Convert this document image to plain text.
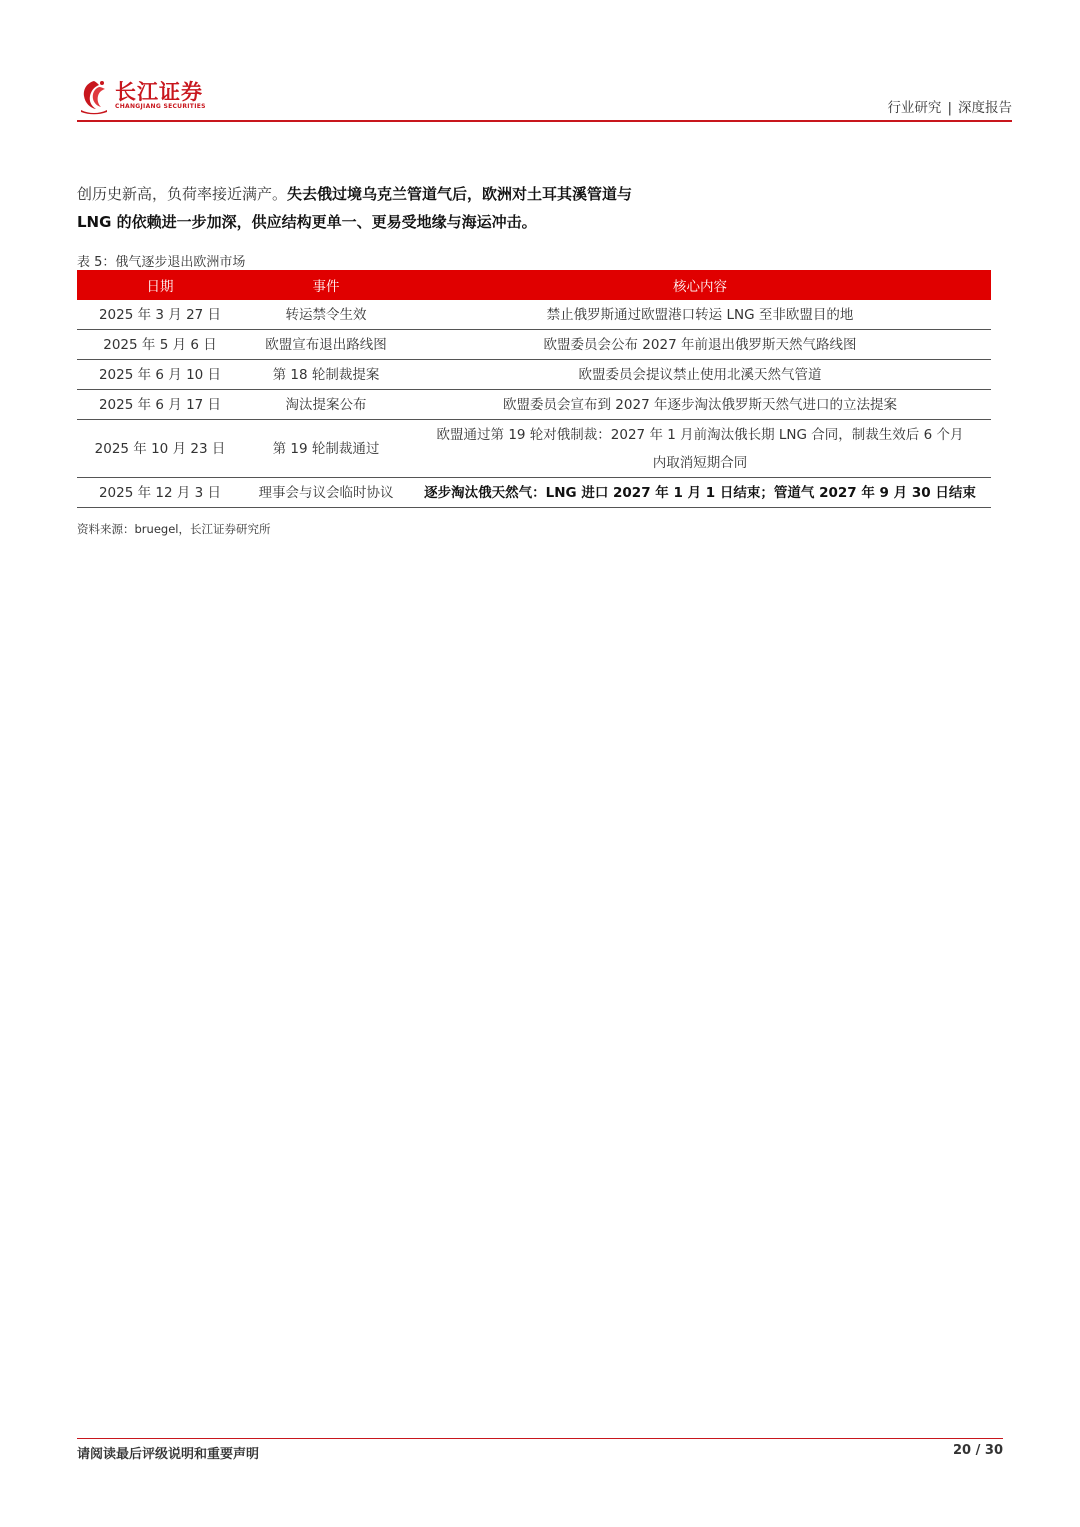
长江证券
CHANGJIANG SECURITIES	行业研究 | 深度报告
创历史新高，负荷率接近满产。失去俄过境乌克兰管道气后，欧洲对土耳其溪管道与
LNG 的依赖进一步加深，供应结构更单一、更易受地缘与海运冲击。
表 5：俄气逐步退出欧洲市场
日期	事件	核心内容
2025 年 3 月 27 日	转运禁令生效	禁止俄罗斯通过欧盟港口转运 LNG 至非欧盟目的地
2025 年 5 月 6 日	欧盟宣布退出路线图	欧盟委员会公布 2027 年前退出俄罗斯天然气路线图
2025 年 6 月 10 日	第 18 轮制裁提案	欧盟委员会提议禁止使用北溪天然气管道
2025 年 6 月 17 日	淘汰提案公布	欧盟委员会宣布到 2027 年逐步淘汰俄罗斯天然气进口的立法提案
2025 年 10 月 23 日	第 19 轮制裁通过	欧盟通过第 19 轮对俄制裁：2027 年 1 月前淘汰俄长期 LNG 合同，制裁生效后 6 个月
内取消短期合同

2025 年 12 月 3 日	理事会与议会临时协议	逐步淘汰俄天然气：LNG 进口 2027 年 1 月 1 日结束；管道气 2027 年 9 月 30 日结束
资料来源：bruegel，长江证券研究所
请阅读最后评级说明和重要声明	20 / 30
